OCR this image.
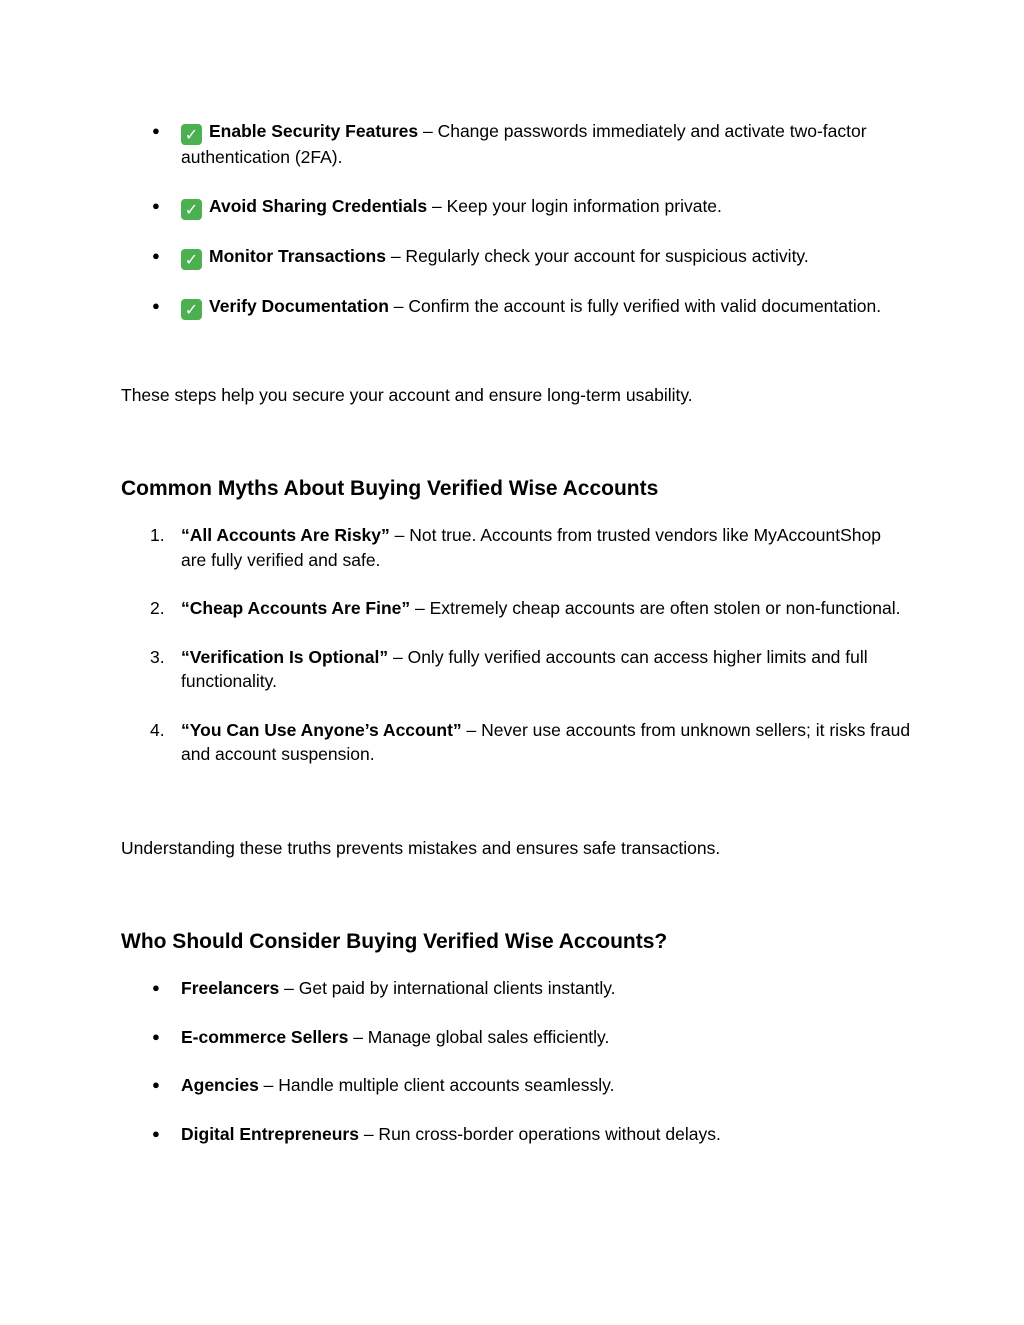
●	✓ Enable Security Features – Change passwords immediately and activate two-factor authentication (2FA).
●	✓ Avoid Sharing Credentials – Keep your login information private.
●	✓ Monitor Transactions – Regularly check your account for suspicious activity.
●	✓ Verify Documentation – Confirm the account is fully verified with valid documentation.

These steps help you secure your account and ensure long-term usability.

Common Myths About Buying Verified Wise Accounts
1. “All Accounts Are Risky” – Not true. Accounts from trusted vendors like MyAccountShop are fully verified and safe.
2. “Cheap Accounts Are Fine” – Extremely cheap accounts are often stolen or non-functional.
3. “Verification Is Optional” – Only fully verified accounts can access higher limits and full functionality.
4. “You Can Use Anyone’s Account” – Never use accounts from unknown sellers; it risks fraud and account suspension.

Understanding these truths prevents mistakes and ensures safe transactions.

Who Should Consider Buying Verified Wise Accounts?
●	Freelancers – Get paid by international clients instantly.
●	E-commerce Sellers – Manage global sales efficiently.
●	Agencies – Handle multiple client accounts seamlessly.
●	Digital Entrepreneurs – Run cross-border operations without delays.
